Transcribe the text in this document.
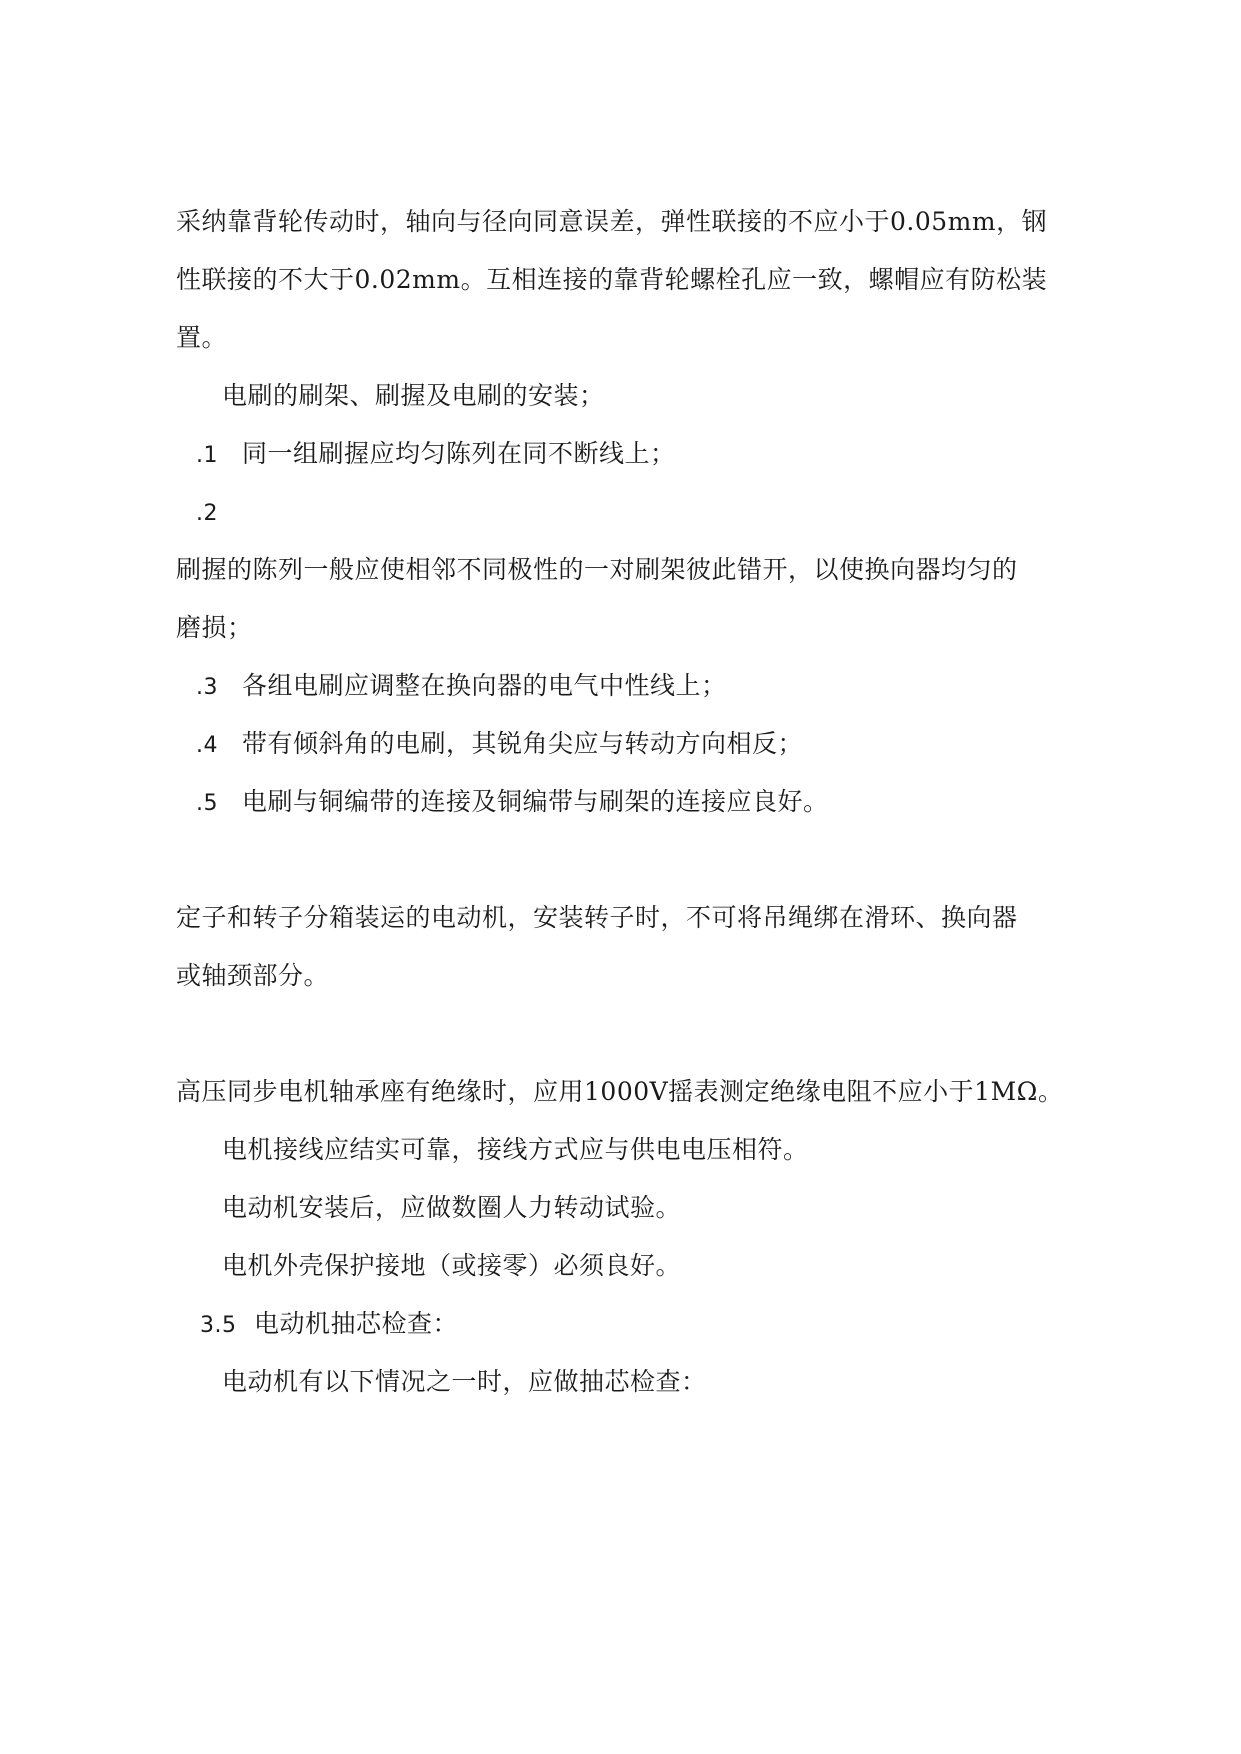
采纳靠背轮传动时，轴向与径向同意误差，弹性联接的不应小于0.05mm，钢
性联接的不大于0.02mm。互相连接的靠背轮螺栓孔应一致，螺帽应有防松装
置。
电刷的刷架、刷握及电刷的安装；
.1 同一组刷握应均匀陈列在同不断线上；
.2
刷握的陈列一般应使相邻不同极性的一对刷架彼此错开，以使换向器均匀的
磨损；
.3 各组电刷应调整在换向器的电气中性线上；
.4 带有倾斜角的电刷，其锐角尖应与转动方向相反；
.5 电刷与铜编带的连接及铜编带与刷架的连接应良好。
定子和转子分箱装运的电动机，安装转子时，不可将吊绳绑在滑环、换向器
或轴颈部分。
高压同步电机轴承座有绝缘时，应用1000V摇表测定绝缘电阻不应小于1MΩ。
电机接线应结实可靠，接线方式应与供电电压相符。
电动机安装后，应做数圈人力转动试验。
电机外壳保护接地（或接零）必须良好。
3.5 电动机抽芯检查：
电动机有以下情况之一时，应做抽芯检查：
